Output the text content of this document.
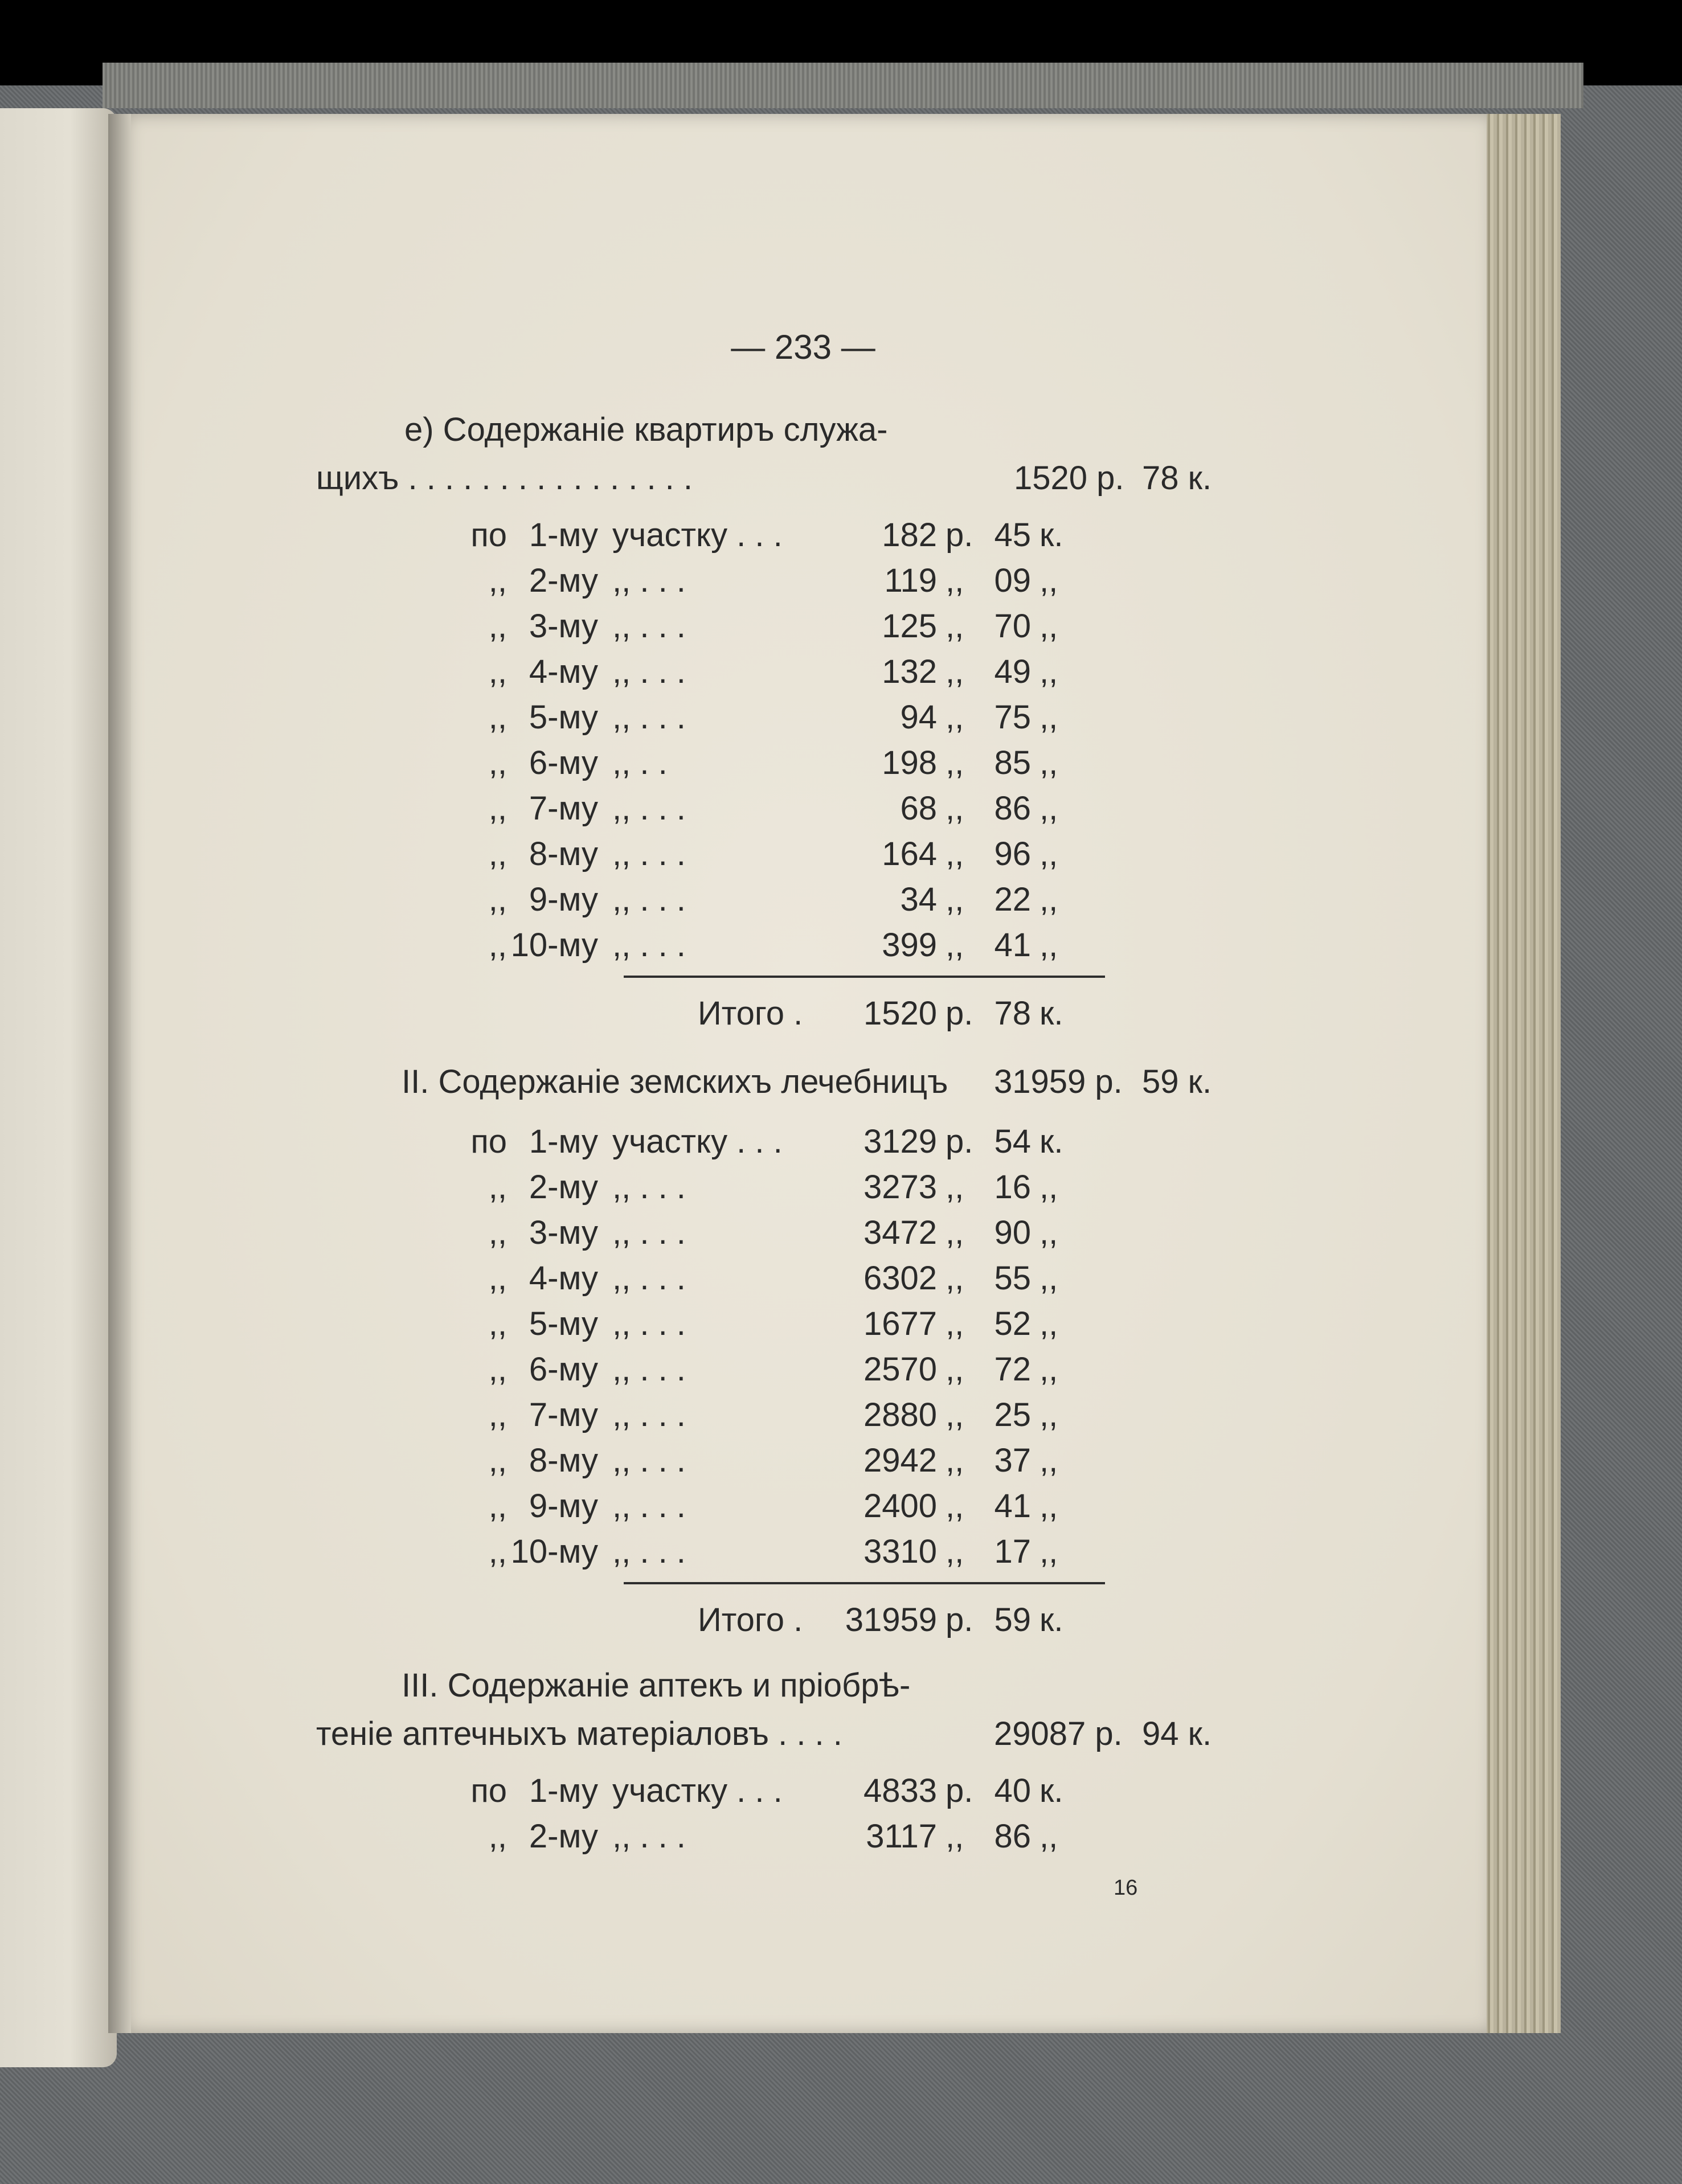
— 233 —
е) Содержаніе квартиръ служа-
щихъ . . . . . . . . . . . . . . . .	1520 р. 78 к.
по 1-му участку . . .	182 р. 45 к.
,, 2-му ,, . . .	119 ,, 09 ,,
,, 3-му ,, . . .	125 ,, 70 ,,
,, 4-му ,, . . .	132 ,, 49 ,,
,, 5-му ,, . . .	94 ,, 75 ,,
,, 6-му ,, . .	198 ,, 85 ,,
,, 7-му ,, . . .	68 ,, 86 ,,
,, 8-му ,, . . .	164 ,, 96 ,,
,, 9-му ,, . . .	34 ,, 22 ,,
,, 10-му ,, . . .	399 ,, 41 ,,
Итого .	1520 р. 78 к.
II. Содержаніе земскихъ лечебницъ 31959 р. 59 к.
по 1-му участку . . .	3129 р. 54 к.
,, 2-му ,, . . .	3273 ,, 16 ,,
,, 3-му ,, . . .	3472 ,, 90 ,,
,, 4-му ,, . . .	6302 ,, 55 ,,
,, 5-му ,, . . .	1677 ,, 52 ,,
,, 6-му ,, . . .	2570 ,, 72 ,,
,, 7-му ,, . . .	2880 ,, 25 ,,
,, 8-му ,, . . .	2942 ,, 37 ,,
,, 9-му ,, . . .	2400 ,, 41 ,,
,, 10-му ,, . . .	3310 ,, 17 ,,
Итого .	31959 р. 59 к.
III. Содержаніе аптекъ и пріобрѣ-
теніе аптечныхъ матеріаловъ . . . .	29087 р. 94 к.
по 1-му участку . . .	4833 р. 40 к.
,, 2-му ,, . . .	3117 ,, 86 ,,
16
